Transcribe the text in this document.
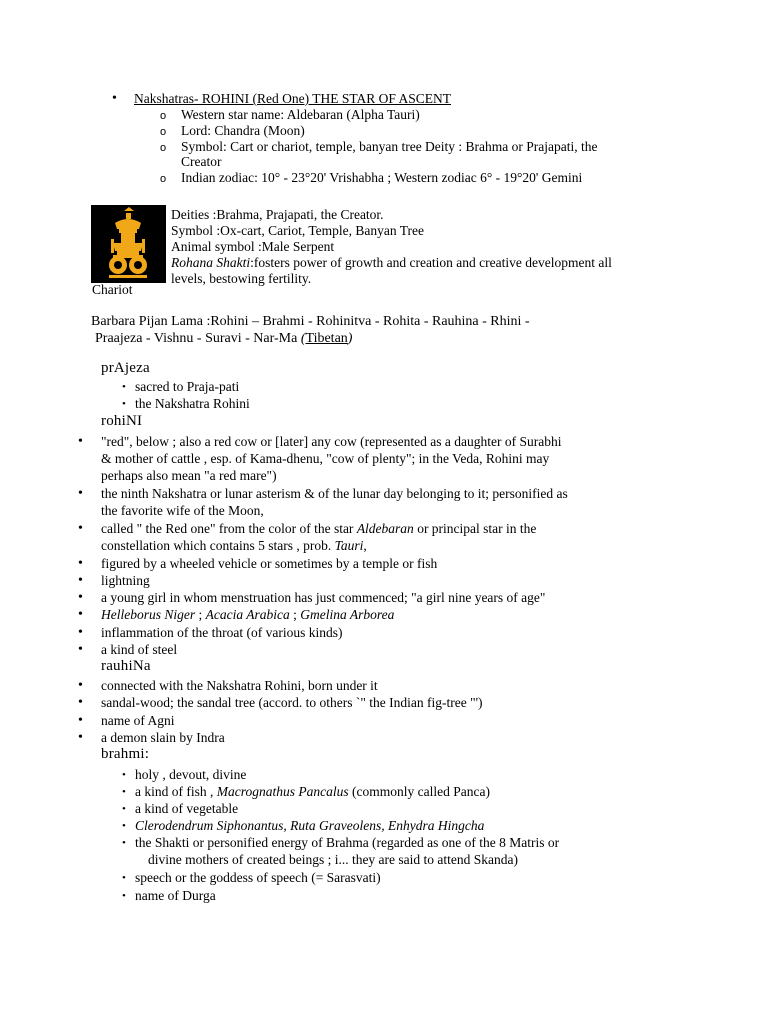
• Nakshatras- ROHINI (Red One) THE STAR OF ASCENT
o Western star name: Aldebaran (Alpha Tauri)
o Lord: Chandra (Moon)
o Symbol: Cart or chariot, temple, banyan tree Deity : Brahma or Prajapati, the
Creator
o Indian zodiac: 10° - 23°20' Vrishabha ; Western zodiac 6° - 19°20' Gemini
Chariot
Deities :Brahma, Prajapati, the Creator.
Symbol :Ox-cart, Cariot, Temple, Banyan Tree
Animal symbol :Male Serpent
Rohana Shakti:fosters power of growth and creation and creative development all
levels, bestowing fertility.
Barbara Pijan Lama :Rohini – Brahmi - Rohinitva - Rohita - Rauhina - Rhini -
Praajeza - Vishnu - Suravi - Nar-Ma (Tibetan)
prAjeza
• sacred to Praja-pati
• the Nakshatra Rohini
rohiNI
• "red", below ; also a red cow or [later] any cow (represented as a daughter of Surabhi
& mother of cattle , esp. of Kama-dhenu, "cow of plenty"; in the Veda, Rohini may
perhaps also mean "a red mare")
• the ninth Nakshatra or lunar asterism & of the lunar day belonging to it; personified as
the favorite wife of the Moon,
• called " the Red one" from the color of the star Aldebaran or principal star in the
constellation which contains 5 stars , prob. Tauri,
• figured by a wheeled vehicle or sometimes by a temple or fish
• lightning
• a young girl in whom menstruation has just commenced; "a girl nine years of age"
• Helleborus Niger ; Acacia Arabica ; Gmelina Arborea
• inflammation of the throat (of various kinds)
• a kind of steel
rauhiNa
• connected with the Nakshatra Rohini, born under it
• sandal-wood; the sandal tree (accord. to others `" the Indian fig-tree "')
• name of Agni
• a demon slain by Indra
brahmi:
• holy , devout, divine
• a kind of fish , Macrognathus Pancalus (commonly called Panca)
• a kind of vegetable
• Clerodendrum Siphonantus, Ruta Graveolens, Enhydra Hingcha
• the Shakti or personified energy of Brahma (regarded as one of the 8 Matris or
divine mothers of created beings ; i... they are said to attend Skanda)
• speech or the goddess of speech (= Sarasvati)
• name of Durga
